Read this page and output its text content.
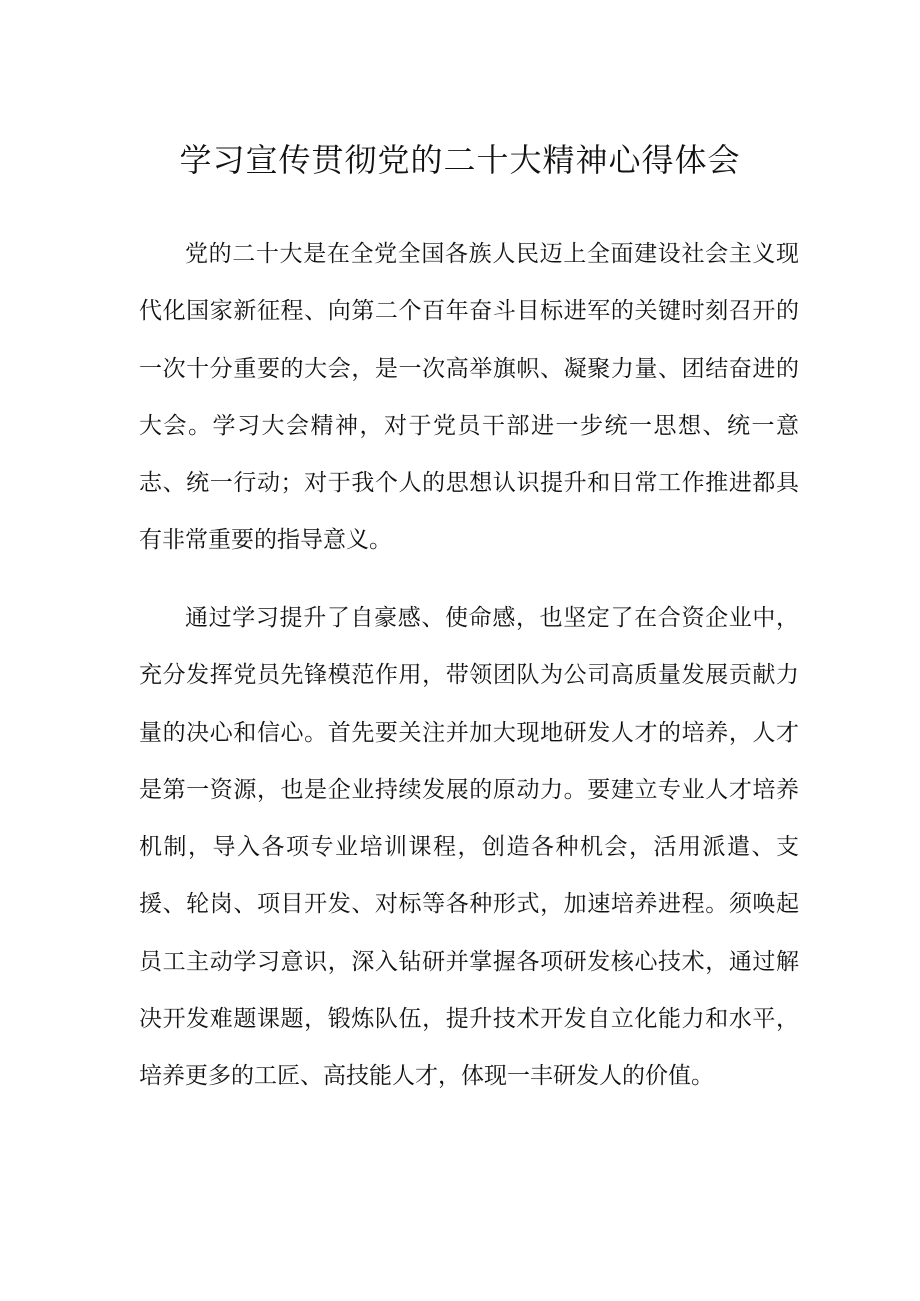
学习宣传贯彻党的二十大精神心得体会

党的二十大是在全党全国各族人民迈上全面建设社会主义现代化国家新征程、向第二个百年奋斗目标进军的关键时刻召开的一次十分重要的大会，是一次高举旗帜、凝聚力量、团结奋进的大会。学习大会精神，对于党员干部进一步统一思想、统一意志、统一行动；对于我个人的思想认识提升和日常工作推进都具有非常重要的指导意义。

通过学习提升了自豪感、使命感，也坚定了在合资企业中，充分发挥党员先锋模范作用，带领团队为公司高质量发展贡献力量的决心和信心。首先要关注并加大现地研发人才的培养，人才是第一资源，也是企业持续发展的原动力。要建立专业人才培养机制，导入各项专业培训课程，创造各种机会，活用派遣、支援、轮岗、项目开发、对标等各种形式，加速培养进程。须唤起员工主动学习意识，深入钻研并掌握各项研发核心技术，通过解决开发难题课题，锻炼队伍，提升技术开发自立化能力和水平，培养更多的工匠、高技能人才，体现一丰研发人的价值。
